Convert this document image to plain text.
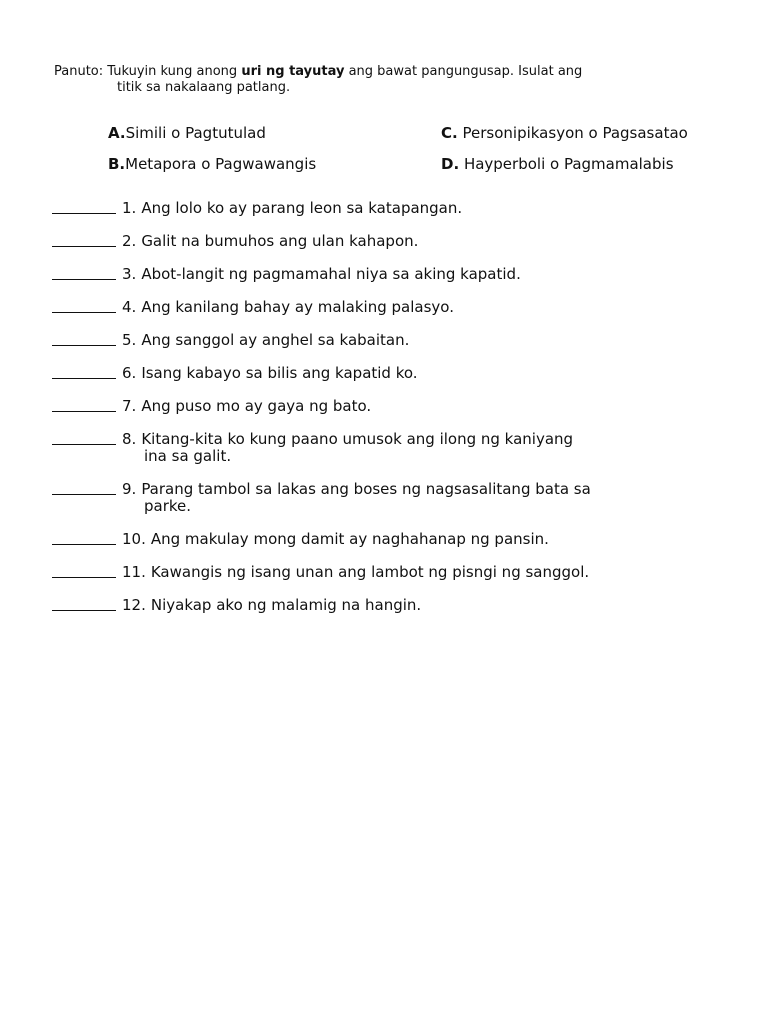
Panuto: Tukuyin kung anong uri ng tayutay ang bawat pangungusap. Isulat ang
titik sa nakalaang patlang.
A.Simili o Pagtutulad	C. Personipikasyon o Pagsasatao
B.Metapora o Pagwawangis	D. Hayperboli o Pagmamalabis
1. Ang lolo ko ay parang leon sa katapangan.
2. Galit na bumuhos ang ulan kahapon.
3. Abot-langit ng pagmamahal niya sa aking kapatid.
4. Ang kanilang bahay ay malaking palasyo.
5. Ang sanggol ay anghel sa kabaitan.
6. Isang kabayo sa bilis ang kapatid ko.
7. Ang puso mo ay gaya ng bato.
8. Kitang-kita ko kung paano umusok ang ilong ng kaniyang
ina sa galit.
9. Parang tambol sa lakas ang boses ng nagsasalitang bata sa
parke.
10. Ang makulay mong damit ay naghahanap ng pansin.
11. Kawangis ng isang unan ang lambot ng pisngi ng sanggol.
12. Niyakap ako ng malamig na hangin.
